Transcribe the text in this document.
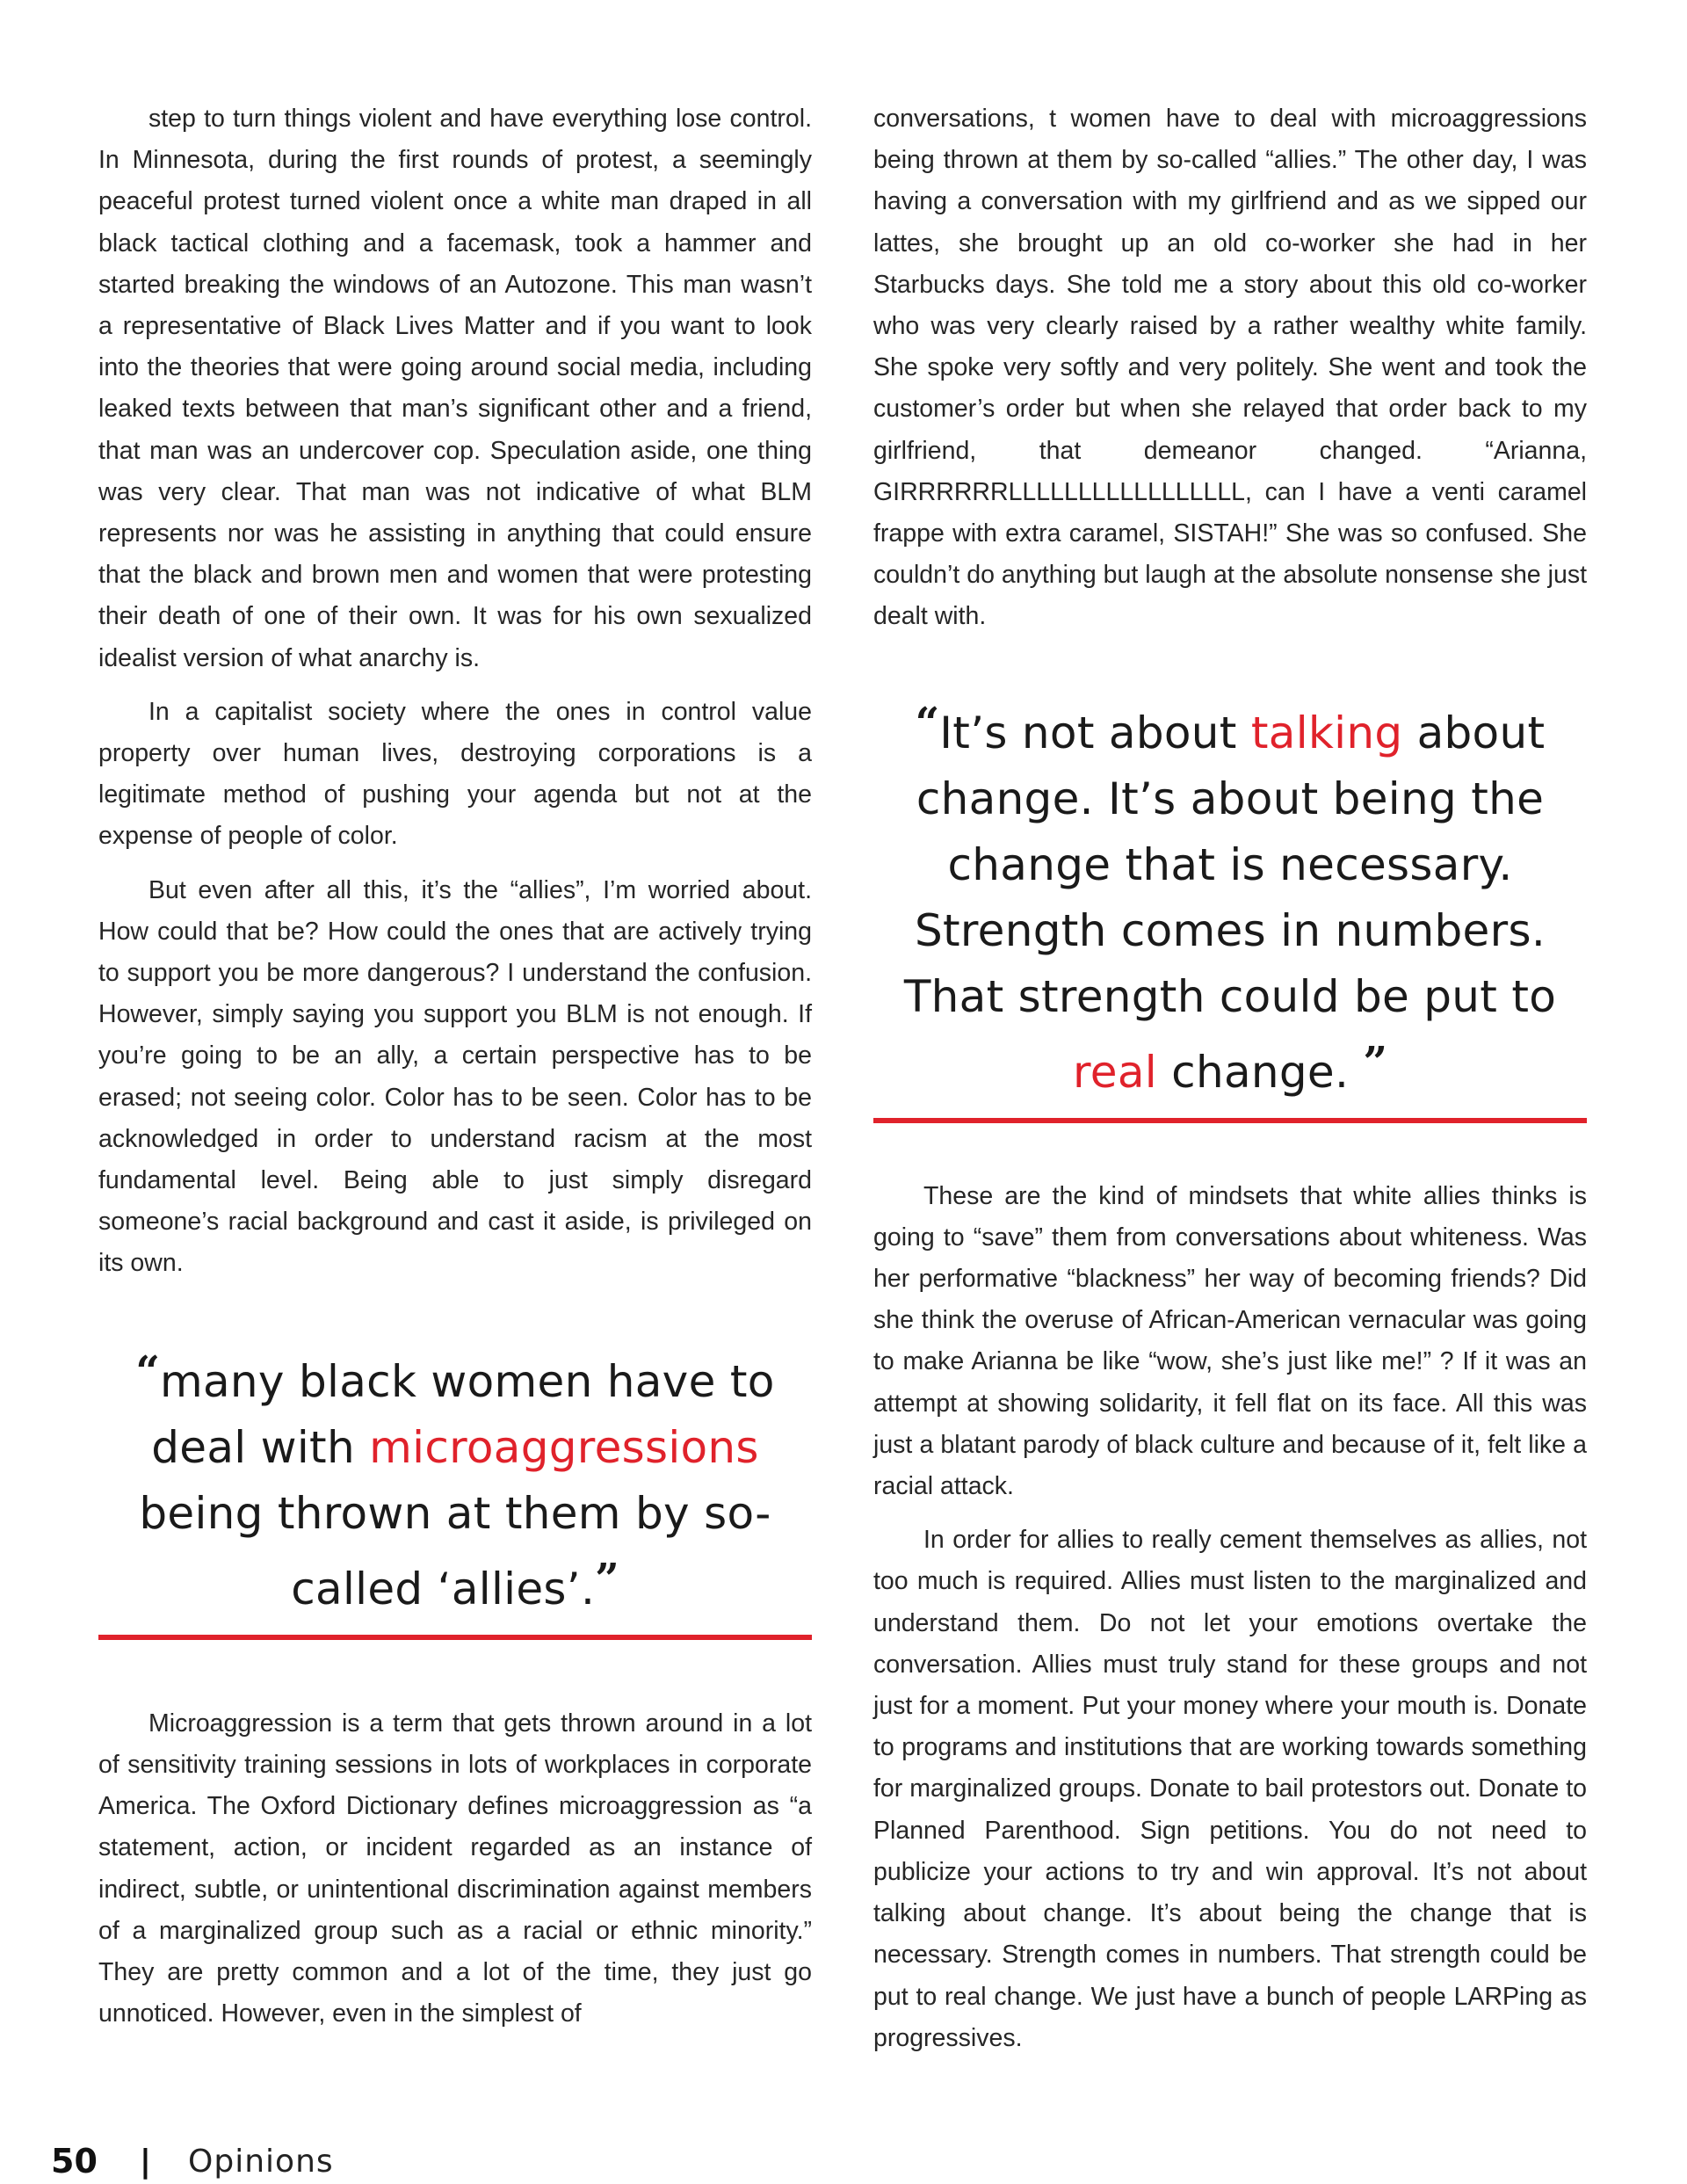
step to turn things violent and have everything lose control. In Minnesota, during the first rounds of protest, a seemingly peaceful protest turned violent once a white man draped in all black tactical clothing and a facemask, took a hammer and started breaking the windows of an Autozone. This man wasn’t a representative of Black Lives Matter and if you want to look into the theories that were going around social media, including leaked texts between that man’s significant other and a friend, that man was an undercover cop. Speculation aside, one thing was very clear. That man was not indicative of what BLM represents nor was he assisting in anything that could ensure that the black and brown men and women that were protesting their death of one of their own. It was for his own sexualized idealist version of what anarchy is.

In a capitalist society where the ones in control value property over human lives, destroying corporations is a legitimate method of pushing your agenda but not at the expense of people of color.

But even after all this, it’s the “allies”, I’m worried about. How could that be? How could the ones that are actively trying to support you be more dangerous? I understand the confusion. However, simply saying you support you BLM is not enough. If you’re going to be an ally, a certain perspective has to be erased; not seeing color. Color has to be seen. Color has to be acknowledged in order to understand racism at the most fundamental level. Being able to just simply disregard someone’s racial background and cast it aside, is privileged on its own.

“many black women have to deal with microaggressions being thrown at them by so-called ‘allies’.”

Microaggression is a term that gets thrown around in a lot of sensitivity training sessions in lots of workplaces in corporate America. The Oxford Dictionary defines microaggression as “a statement, action, or incident regarded as an instance of indirect, subtle, or unintentional discrimination against members of a marginalized group such as a racial or ethnic minority.” They are pretty common and a lot of the time, they just go unnoticed. However, even in the simplest of

conversations, t women have to deal with microaggressions being thrown at them by so-called “allies.” The other day, I was having a conversation with my girlfriend and as we sipped our lattes, she brought up an old co-worker she had in her Starbucks days. She told me a story about this old co-worker who was very clearly raised by a rather wealthy white family. She spoke very softly and very politely. She went and took the customer’s order but when she relayed that order back to my girlfriend, that demeanor changed. “Arianna, GIRRRRRRLLLLLLLLLLLLLLLLL, can I have a venti caramel frappe with extra caramel, SISTAH!” She was so confused. She couldn’t do anything but laugh at the absolute nonsense she just dealt with.

“It’s not about talking about change. It’s about being the change that is necessary. Strength comes in numbers. That strength could be put to real change. ”

These are the kind of mindsets that white allies thinks is going to “save” them from conversations about whiteness. Was her performative “blackness” her way of becoming friends? Did she think the overuse of African-American vernacular was going to make Arianna be like “wow, she’s just like me!” ? If it was an attempt at showing solidarity, it fell flat on its face. All this was just a blatant parody of black culture and because of it, felt like a racial attack.

In order for allies to really cement themselves as allies, not too much is required. Allies must listen to the marginalized and understand them. Do not let your emotions overtake the conversation. Allies must truly stand for these groups and not just for a moment. Put your money where your mouth is. Donate to programs and institutions that are working towards something for marginalized groups. Donate to bail protestors out. Donate to Planned Parenthood. Sign petitions. You do not need to publicize your actions to try and win approval. It’s not about talking about change. It’s about being the change that is necessary. Strength comes in numbers. That strength could be put to real change. We just have a bunch of people LARPing as progressives.

50 | Opinions
